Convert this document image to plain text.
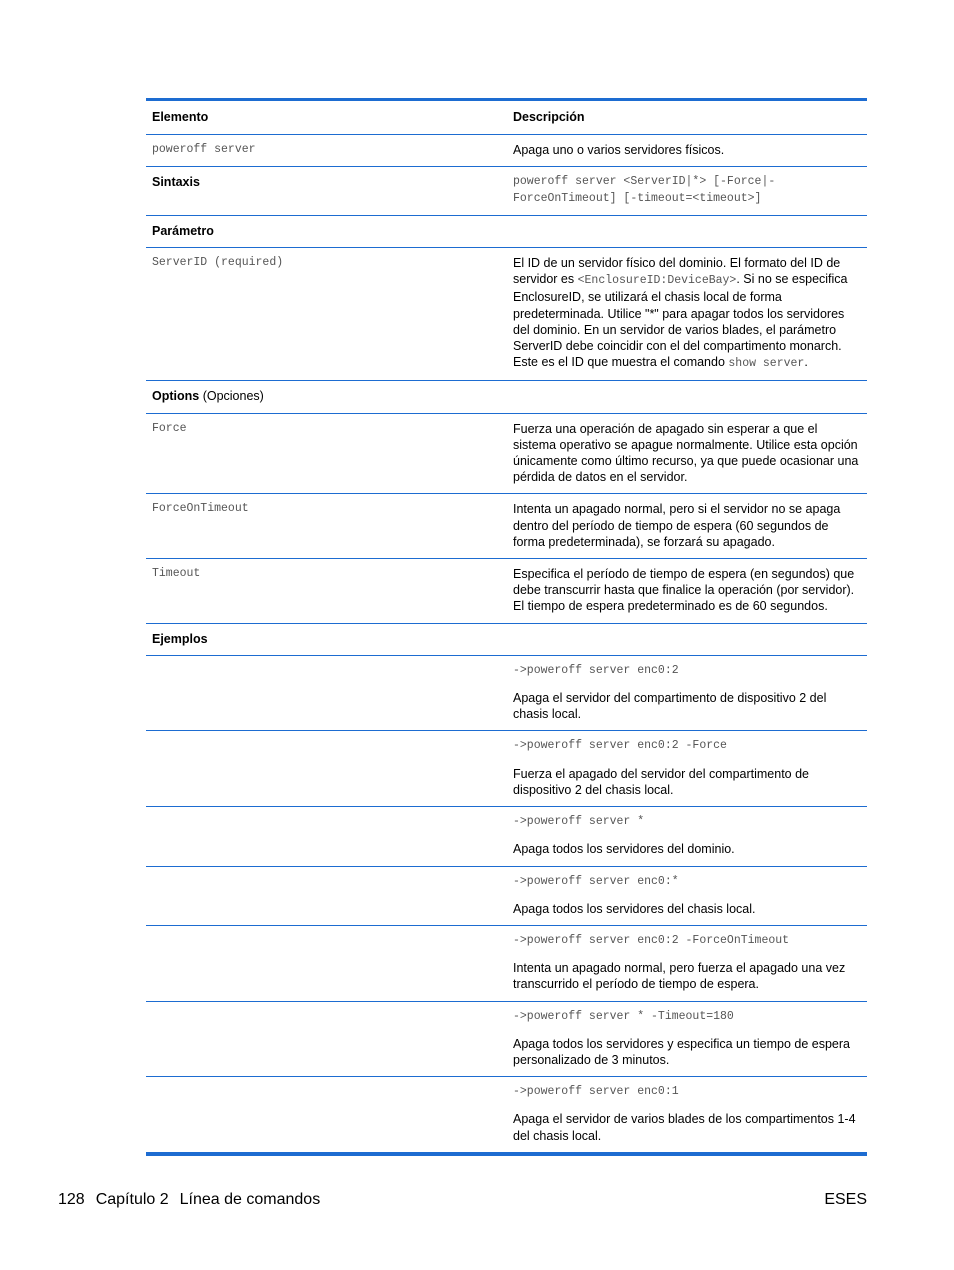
Elemento	Descripción
poweroff server	Apaga uno o varios servidores físicos.
Sintaxis	poweroff server <ServerID|*> [-Force|-
ForceOnTimeout] [-timeout=<timeout>]
Parámetro
ServerID (required)	El ID de un servidor físico del dominio. El formato del ID de servidor es <EnclosureID:DeviceBay>. Si no se especifica EnclosureID, se utilizará el chasis local de forma predeterminada. Utilice "*" para apagar todos los servidores del dominio. En un servidor de varios blades, el parámetro ServerID debe coincidir con el del compartimento monarch. Este es el ID que muestra el comando show server.
Options (Opciones)
Force	Fuerza una operación de apagado sin esperar a que el sistema operativo se apague normalmente. Utilice esta opción únicamente como último recurso, ya que puede ocasionar una pérdida de datos en el servidor.
ForceOnTimeout	Intenta un apagado normal, pero si el servidor no se apaga dentro del período de tiempo de espera (60 segundos de forma predeterminada), se forzará su apagado.
Timeout	Especifica el período de tiempo de espera (en segundos) que debe transcurrir hasta que finalice la operación (por servidor). El tiempo de espera predeterminado es de 60 segundos.
Ejemplos
->poweroff server enc0:2
Apaga el servidor del compartimento de dispositivo 2 del chasis local.
->poweroff server enc0:2 -Force
Fuerza el apagado del servidor del compartimento de dispositivo 2 del chasis local.
->poweroff server *
Apaga todos los servidores del dominio.
->poweroff server enc0:*
Apaga todos los servidores del chasis local.
->poweroff server enc0:2 -ForceOnTimeout
Intenta un apagado normal, pero fuerza el apagado una vez transcurrido el período de tiempo de espera.
->poweroff server * -Timeout=180
Apaga todos los servidores y especifica un tiempo de espera personalizado de 3 minutos.
->poweroff server enc0:1
Apaga el servidor de varios blades de los compartimentos 1-4 del chasis local.
128 Capítulo 2 Línea de comandos	ESES
